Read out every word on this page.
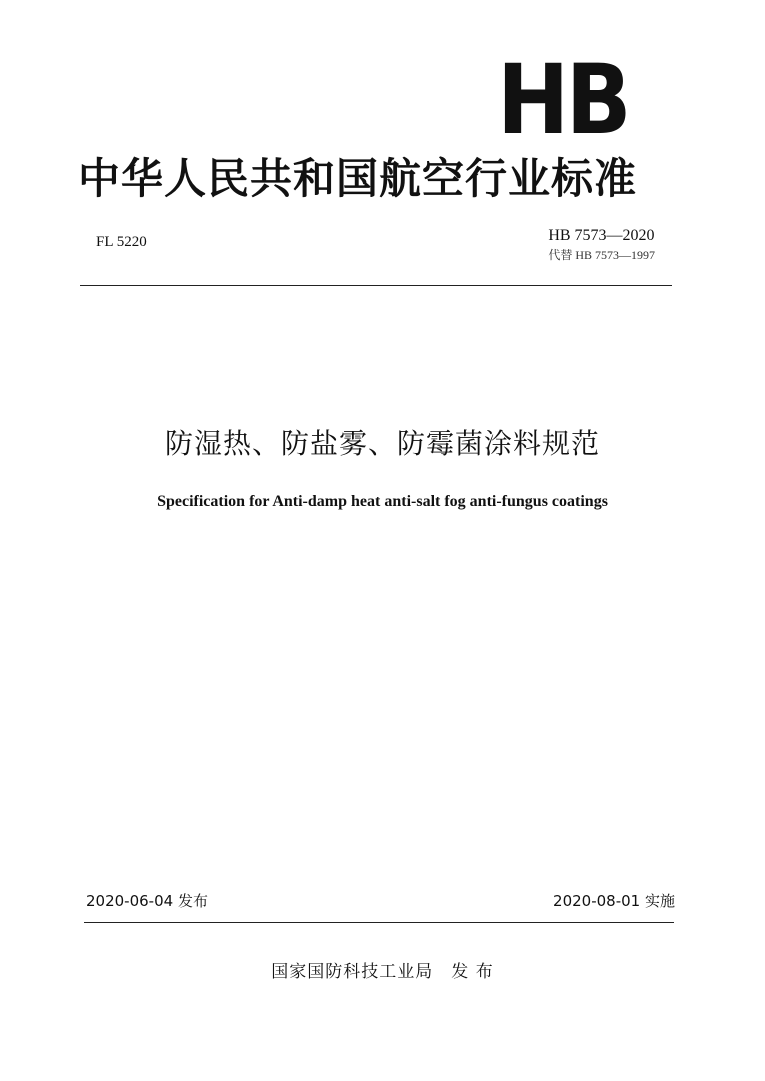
HB
中华人民共和国航空行业标准
FL 5220	HB 7573—2020
代替 HB 7573—1997
防湿热、防盐雾、防霉菌涂料规范
Specification for Anti-damp heat anti-salt fog anti-fungus coatings
2020-06-04 发布	2020-08-01 实施
国家国防科技工业局 发 布
